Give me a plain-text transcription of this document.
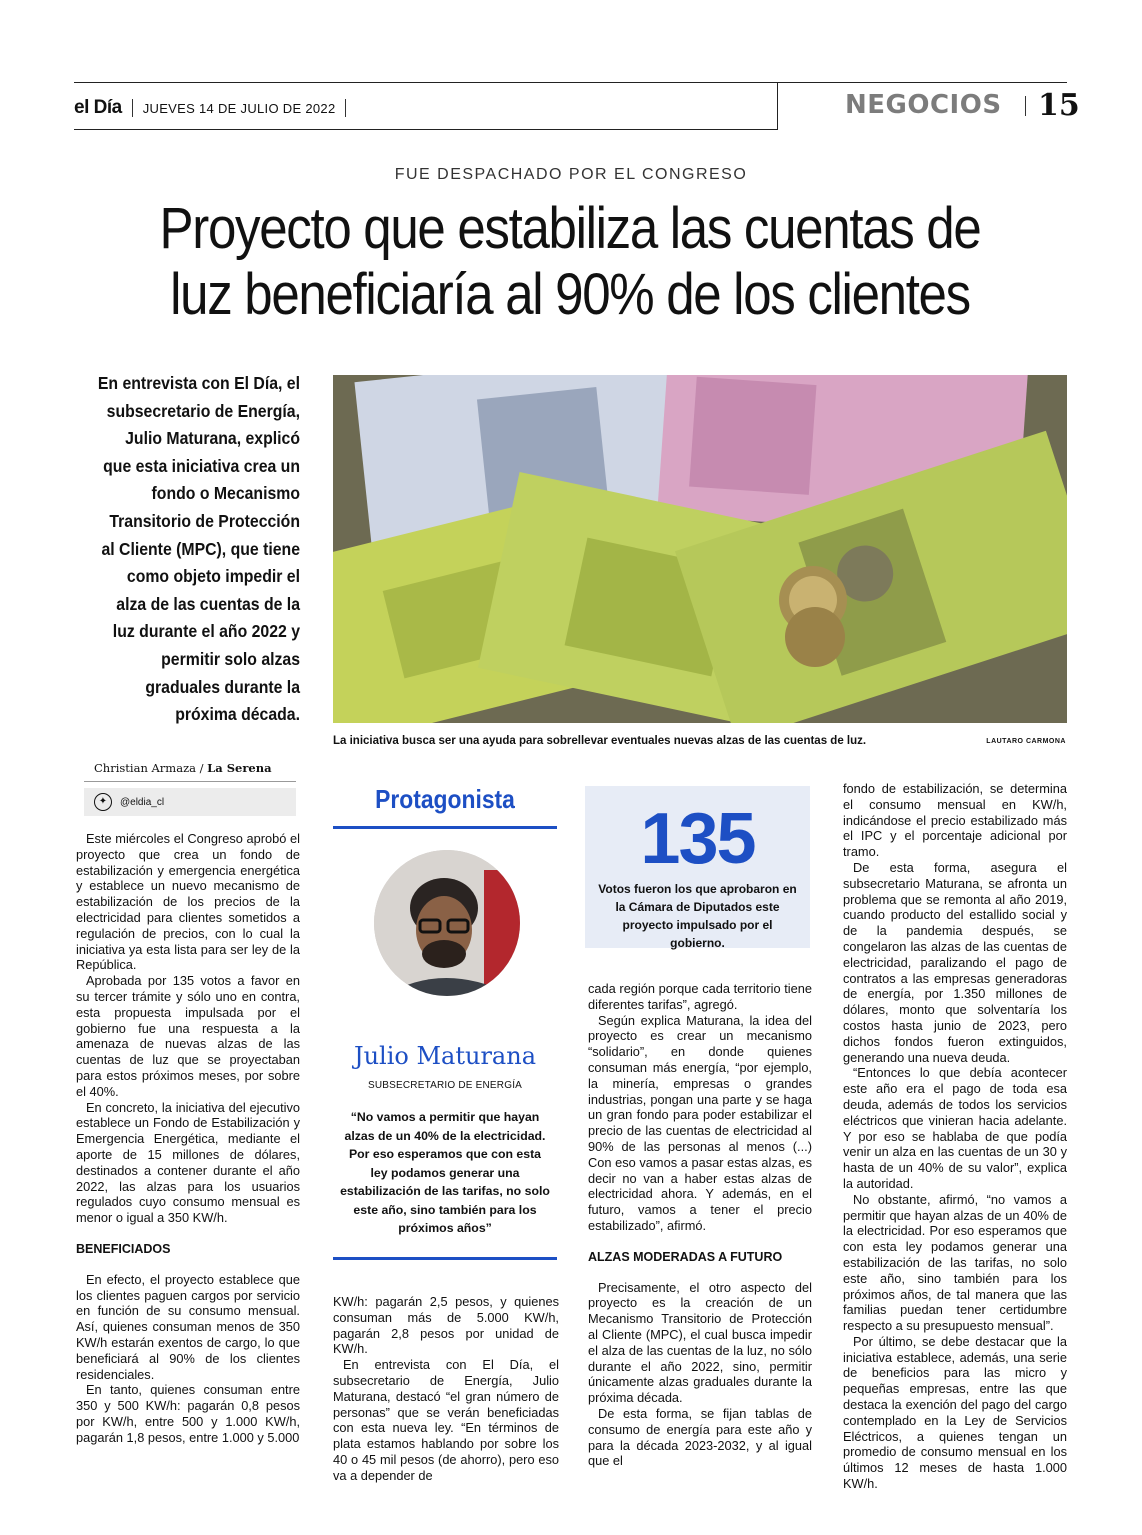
el Día JUEVES 14 DE JULIO DE 2022	NEGOCIOS 15
FUE DESPACHADO POR EL CONGRESO
Proyecto que estabiliza las cuentas de
luz beneficiaría al 90% de los clientes
En entrevista con El Día, el subsecretario de Energía, Julio Maturana, explicó que esta iniciativa crea un fondo o Mecanismo Transitorio de Protección al Cliente (MPC), que tiene como objeto impedir el alza de las cuentas de la luz durante el año 2022 y permitir solo alzas graduales durante la próxima década.
La iniciativa busca ser una ayuda para sobrellevar eventuales nuevas alzas de las cuentas de luz.	LAUTARO CARMONA
Christian Armaza / La Serena
✦	@eldia_cl

Este miércoles el Congreso aprobó el proyecto que crea un fondo de estabilización y emergencia energética y establece un nuevo mecanismo de estabilización de los precios de la electricidad para clientes sometidos a regulación de precios, con lo cual la iniciativa ya esta lista para ser ley de la República.

Aprobada por 135 votos a favor en su tercer trámite y sólo uno en contra, esta propuesta impulsada por el gobierno fue una respuesta a la amenaza de nuevas alzas de las cuentas de luz que se proyectaban para estos próximos meses, por sobre el 40%.

En concreto, la iniciativa del ejecutivo establece un Fondo de Estabilización y Emergencia Energética, mediante el aporte de 15 millones de dólares, destinados a contener durante el año 2022, las alzas para los usuarios regulados cuyo consumo mensual es menor o igual a 350 KW/h.

BENEFICIADOS

En efecto, el proyecto establece que los clientes paguen cargos por servicio en función de su consumo mensual. Así, quienes consuman menos de 350 KW/h estarán exentos de cargo, lo que beneficiará al 90% de los clientes residenciales.

En tanto, quienes consuman entre 350 y 500 KW/h: pagarán 0,8 pesos por KW/h, entre 500 y 1.000 KW/h, pagarán 1,8 pesos, entre 1.000 y 5.000

Protagonista
Julio Maturana
SUBSECRETARIO DE ENERGÍA
“No vamos a permitir que hayan alzas de un 40% de la electricidad. Por eso esperamos que con esta ley podamos generar una estabilización de las tarifas, no solo este año, sino también para los próximos años”

KW/h: pagarán 2,5 pesos, y quienes consuman más de 5.000 KW/h, pagarán 2,8 pesos por unidad de KW/h.

En entrevista con El Día, el subsecretario de Energía, Julio Maturana, destacó “el gran número de personas” que se verán beneficiadas con esta nueva ley. “En términos de plata estamos hablando por sobre los 40 o 45 mil pesos (de ahorro), pero eso va a depender de

135
Votos fueron los que aprobaron en la Cámara de Diputados este proyecto impulsado por el gobierno.

cada región porque cada territorio tiene diferentes tarifas”, agregó.

Según explica Maturana, la idea del proyecto es crear un mecanismo “solidario”, en donde quienes consuman más energía, “por ejemplo, la minería, empresas o grandes industrias, pongan una parte y se haga un gran fondo para poder estabilizar el precio de las cuentas de electricidad al 90% de las personas al menos (...) Con eso vamos a pasar estas alzas, es decir no van a haber estas alzas de electricidad ahora. Y además, en el futuro, vamos a tener el precio estabilizado”, afirmó.

ALZAS MODERADAS A FUTURO

Precisamente, el otro aspecto del proyecto es la creación de un Mecanismo Transitorio de Protección al Cliente (MPC), el cual busca impedir el alza de las cuentas de la luz, no sólo durante el año 2022, sino, permitir únicamente alzas graduales durante la próxima década.

De esta forma, se fijan tablas de consumo de energía para este año y para la década 2023-2032, y al igual que el

fondo de estabilización, se determina el consumo mensual en KW/h, indicándose el precio estabilizado más el IPC y el porcentaje adicional por tramo.

De esta forma, asegura el subsecretario Maturana, se afronta un problema que se remonta al año 2019, cuando producto del estallido social y de la pandemia después, se congelaron las alzas de las cuentas de electricidad, paralizando el pago de contratos a las empresas generadoras de energía, por 1.350 millones de dólares, monto que solventaría los costos hasta junio de 2023, pero dichos fondos fueron extinguidos, generando una nueva deuda.

“Entonces lo que debía acontecer este año era el pago de toda esa deuda, además de todos los servicios eléctricos que vinieran hacia adelante. Y por eso se hablaba de que podía venir un alza en las cuentas de un 30 y hasta de un 40% de su valor”, explica la autoridad.

No obstante, afirmó, “no vamos a permitir que hayan alzas de un 40% de la electricidad. Por eso esperamos que con esta ley podamos generar una estabilización de las tarifas, no solo este año, sino también para los próximos años, de tal manera que las familias puedan tener certidumbre respecto a su presupuesto mensual”.

Por último, se debe destacar que la iniciativa establece, además, una serie de beneficios para las micro y pequeñas empresas, entre las que destaca la exención del pago del cargo contemplado en la Ley de Servicios Eléctricos, a quienes tengan un promedio de consumo mensual en los últimos 12 meses de hasta 1.000 KW/h.
